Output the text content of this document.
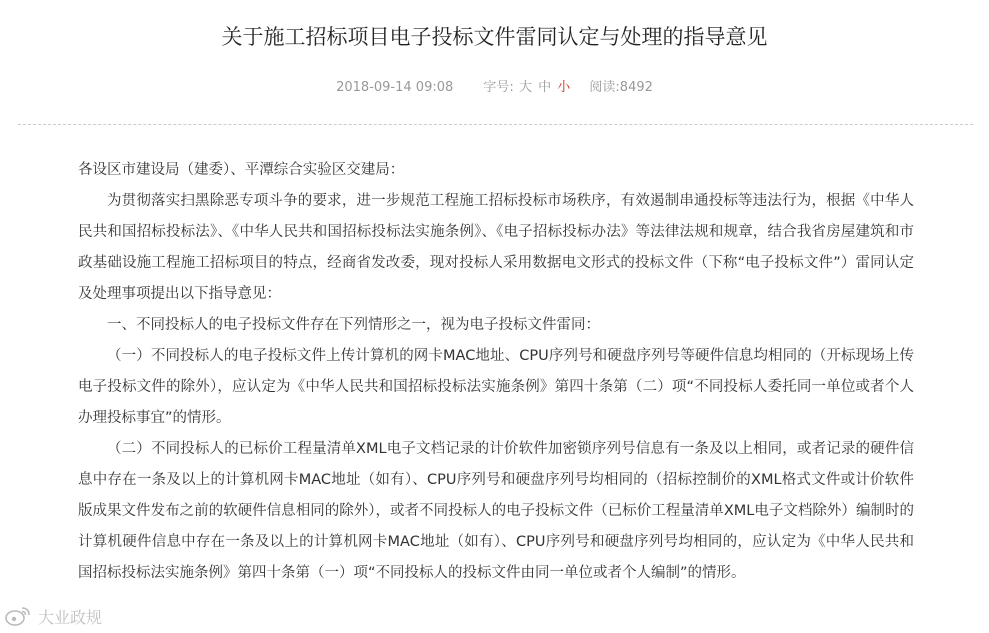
关于施工招标项目电子投标文件雷同认定与处理的指导意见
2018-09-14 09:08 字号: 大 中 小 阅读:8492

各设区市建设局（建委）、平潭综合实验区交建局：

为贯彻落实扫黑除恶专项斗争的要求，进一步规范工程施工招标投标市场秩序，有效遏制串通投标等违法行为，根据《中华人民共和国招标投标法》、《中华人民共和国招标投标法实施条例》、《电子招标投标办法》等法律法规和规章，结合我省房屋建筑和市政基础设施工程施工招标项目的特点，经商省发改委，现对投标人采用数据电文形式的投标文件（下称“电子投标文件”）雷同认定及处理事项提出以下指导意见：

一、不同投标人的电子投标文件存在下列情形之一，视为电子投标文件雷同：

（一）不同投标人的电子投标文件上传计算机的网卡MAC地址、CPU序列号和硬盘序列号等硬件信息均相同的（开标现场上传电子投标文件的除外），应认定为《中华人民共和国招标投标法实施条例》第四十条第（二）项“不同投标人委托同一单位或者个人办理投标事宜”的情形。

（二）不同投标人的已标价工程量清单XML电子文档记录的计价软件加密锁序列号信息有一条及以上相同，或者记录的硬件信息中存在一条及以上的计算机网卡MAC地址（如有）、CPU序列号和硬盘序列号均相同的（招标控制价的XML格式文件或计价软件版成果文件发布之前的软硬件信息相同的除外），或者不同投标人的电子投标文件（已标价工程量清单XML电子文档除外）编制时的计算机硬件信息中存在一条及以上的计算机网卡MAC地址（如有）、CPU序列号和硬盘序列号均相同的，应认定为《中华人民共和国招标投标法实施条例》第四十条第（一）项“不同投标人的投标文件由同一单位或者个人编制”的情形。

大业政规
